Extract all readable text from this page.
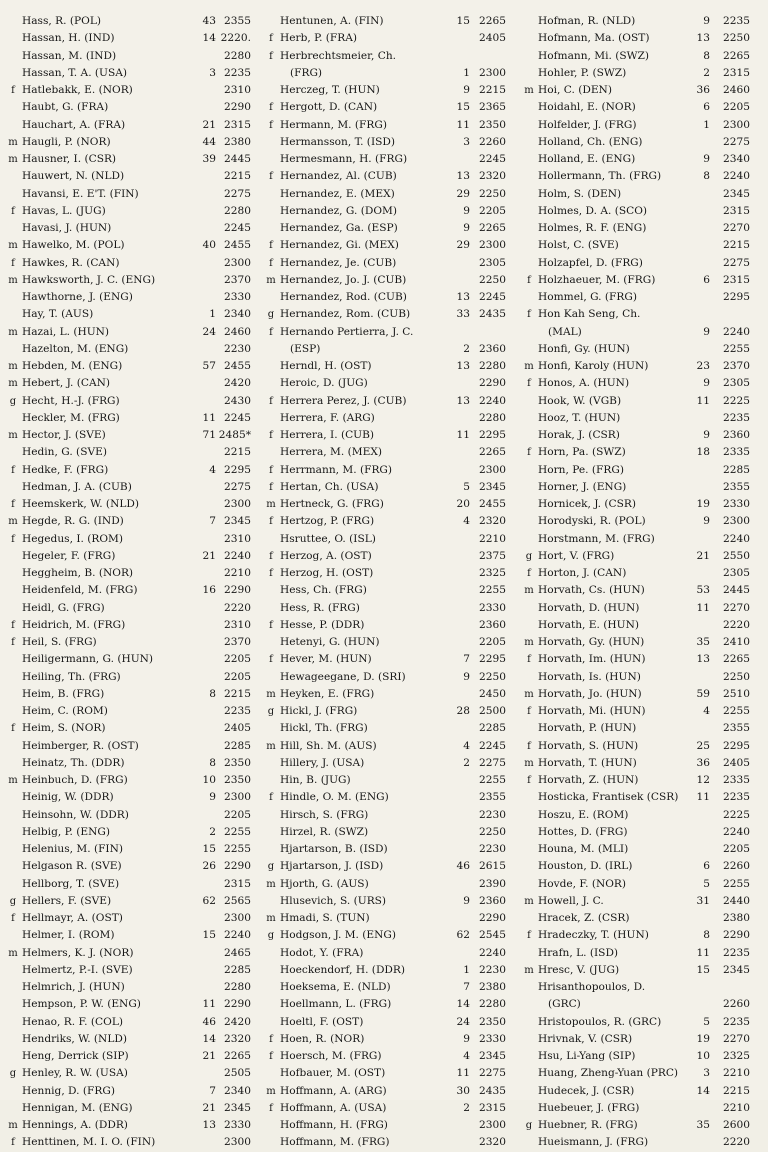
Hass, R. (POL)	43 2355
Hassan, H. (IND)	14 2220.
Hassan, M. (IND)	2280
Hassan, T. A. (USA)	3 2235
f Hatlebakk, E. (NOR)	2310
Haubt, G. (FRA)	2290
Hauchart, A. (FRA)	21 2315
m Haugli, P. (NOR)	44 2380
m Hausner, I. (CSR)	39 2445
Hauwert, N. (NLD)	2215
Havansi, E. E'T. (FIN)	2275
f Havas, L. (JUG)	2280
Havasi, J. (HUN)	2245
m Hawelko, M. (POL)	40 2455
f Hawkes, R. (CAN)	2300
m Hawksworth, J. C. (ENG)	2370
Hawthorne, J. (ENG)	2330
Hay, T. (AUS)	1 2340
m Hazai, L. (HUN)	24 2460
Hazelton, M. (ENG)	2230
m Hebden, M. (ENG)	57 2455
m Hebert, J. (CAN)	2420
g Hecht, H.-J. (FRG)	2430
Heckler, M. (FRG)	11 2245
m Hector, J. (SVE)	71 2485*
Hedin, G. (SVE)	2215
f Hedke, F. (FRG)	4 2295
Hedman, J. A. (CUB)	2275
f Heemskerk, W. (NLD)	2300
m Hegde, R. G. (IND)	7 2345
f Hegedus, I. (ROM)	2310
Hegeler, F. (FRG)	21 2240
Heggheim, B. (NOR)	2210
Heidenfeld, M. (FRG)	16 2290
Heidl, G. (FRG)	2220
f Heidrich, M. (FRG)	2310
f Heil, S. (FRG)	2370
Heiligermann, G. (HUN)	2205
Heiling, Th. (FRG)	2205
Heim, B. (FRG)	8 2215
Heim, C. (ROM)	2235
f Heim, S. (NOR)	2405
Heimberger, R. (OST)	2285
Heinatz, Th. (DDR)	8 2350
m Heinbuch, D. (FRG)	10 2350
Heinig, W. (DDR)	9 2300
Heinsohn, W. (DDR)	2205
Helbig, P. (ENG)	2 2255
Helenius, M. (FIN)	15 2255
Helgason R. (SVE)	26 2290
Hellborg, T. (SVE)	2315
g Hellers, F. (SVE)	62 2565
f Hellmayr, A. (OST)	2300
Helmer, I. (ROM)	15 2240
m Helmers, K. J. (NOR)	2465
Helmertz, P.-I. (SVE)	2285
Helmrich, J. (HUN)	2280
Hempson, P. W. (ENG)	11 2290
Henao, R. F. (COL)	46 2420
Hendriks, W. (NLD)	14 2320
Heng, Derrick (SIP)	21 2265
g Henley, R. W. (USA)	2505
Hennig, D. (FRG)	7 2340
Hennigan, M. (ENG)	21 2345
m Hennings, A. (DDR)	13 2330
f Henttinen, M. I. O. (FIN)	2300
Hentunen, A. (FIN)	15 2265
f Herb, P. (FRA)	2405
f Herbrechtsmeier, Ch.
(FRG)	1 2300
Herczeg, T. (HUN)	9 2215
f Hergott, D. (CAN)	15 2365
f Hermann, M. (FRG)	11 2350
Hermansson, T. (ISD)	3 2260
Hermesmann, H. (FRG)	2245
f Hernandez, Al. (CUB)	13 2320
Hernandez, E. (MEX)	29 2250
Hernandez, G. (DOM)	9 2205
Hernandez, Ga. (ESP)	9 2265
f Hernandez, Gi. (MEX)	29 2300
f Hernandez, Je. (CUB)	2305
m Hernandez, Jo. J. (CUB)	2250
Hernandez, Rod. (CUB)	13 2245
g Hernandez, Rom. (CUB)	33 2435
f Hernando Pertierra, J. C.
(ESP)	2 2360
Herndl, H. (OST)	13 2280
Heroic, D. (JUG)	2290
f Herrera Perez, J. (CUB)	13 2240
Herrera, F. (ARG)	2280
f Herrera, I. (CUB)	11 2295
Herrera, M. (MEX)	2265
f Herrmann, M. (FRG)	2300
f Hertan, Ch. (USA)	5 2345
m Hertneck, G. (FRG)	20 2455
f Hertzog, P. (FRG)	4 2320
Hsruttee, O. (ISL)	2210
f Herzog, A. (OST)	2375
f Herzog, H. (OST)	2325
Hess, Ch. (FRG)	2255
Hess, R. (FRG)	2330
f Hesse, P. (DDR)	2360
Hetenyi, G. (HUN)	2205
f Hever, M. (HUN)	7 2295
Hewageegane, D. (SRI)	9 2250
m Heyken, E. (FRG)	2450
g Hickl, J. (FRG)	28 2500
Hickl, Th. (FRG)	2285
m Hill, Sh. M. (AUS)	4 2245
Hillery, J. (USA)	2 2275
Hin, B. (JUG)	2255
f Hindle, O. M. (ENG)	2355
Hirsch, S. (FRG)	2230
Hirzel, R. (SWZ)	2250
Hjartarson, B. (ISD)	2230
g Hjartarson, J. (ISD)	46 2615
m Hjorth, G. (AUS)	2390
Hlusevich, S. (URS)	9 2360
m Hmadi, S. (TUN)	2290
g Hodgson, J. M. (ENG)	62 2545
Hodot, Y. (FRA)	2240
Hoeckendorf, H. (DDR)	1 2230
Hoeksema, E. (NLD)	7 2380
Hoellmann, L. (FRG)	14 2280
Hoeltl, F. (OST)	24 2350
f Hoen, R. (NOR)	9 2330
f Hoersch, M. (FRG)	4 2345
Hofbauer, M. (OST)	11 2275
m Hoffmann, A. (ARG)	30 2435
f Hoffmann, A. (USA)	2 2315
Hoffmann, H. (FRG)	2300
Hoffmann, M. (FRG)	2320
Hofman, R. (NLD)	9	2235
Hofmann, Ma. (OST)	13	2250
Hofmann, Mi. (SWZ)	8	2265
Hohler, P. (SWZ)	2	2315
m Hoi, C. (DEN)	36	2460
Hoidahl, E. (NOR)	6	2205
Holfelder, J. (FRG)	1	2300
Holland, Ch. (ENG)	2275
Holland, E. (ENG)	9	2340
Hollermann, Th. (FRG)	8	2240
Holm, S. (DEN)	2345
Holmes, D. A. (SCO)	2315
Holmes, R. F. (ENG)	2270
Holst, C. (SVE)	2215
Holzapfel, D. (FRG)	2275
f Holzhaeuer, M. (FRG)	6	2315
Hommel, G. (FRG)	2295
f Hon Kah Seng, Ch.
(MAL)	9	2240
Honfi, Gy. (HUN)	2255
m Honfi, Karoly (HUN)	23	2370
f Honos, A. (HUN)	9	2305
Hook, W. (VGB)	11	2225
Hooz, T. (HUN)	2235
Horak, J. (CSR)	9	2360
f Horn, Pa. (SWZ)	18	2335
Horn, Pe. (FRG)	2285
Horner, J. (ENG)	2355
Hornicek, J. (CSR)	19	2330
Horodyski, R. (POL)	9	2300
Horstmann, M. (FRG)	2240
g Hort, V. (FRG)	21	2550
f Horton, J. (CAN)	2305
m Horvath, Cs. (HUN)	53	2445
Horvath, D. (HUN)	11	2270
Horvath, E. (HUN)	2220
m Horvath, Gy. (HUN)	35	2410
f Horvath, Im. (HUN)	13	2265
Horvath, Is. (HUN)	2250
m Horvath, Jo. (HUN)	59	2510
f Horvath, Mi. (HUN)	4	2255
Horvath, P. (HUN)	2355
f Horvath, S. (HUN)	25	2295
m Horvath, T. (HUN)	36	2405
f Horvath, Z. (HUN)	12	2335
Hosticka, Frantisek (CSR)	11	2235
Hoszu, E. (ROM)	2225
Hottes, D. (FRG)	2240
Houna, M. (MLI)	2205
Houston, D. (IRL)	6	2260
Hovde, F. (NOR)	5	2255
m Howell, J. C.	31	2440
Hracek, Z. (CSR)	2380
f Hradeczky, T. (HUN)	8	2290
Hrafn, L. (ISD)	11	2235
m Hresc, V. (JUG)	15	2345
Hrisanthopoulos, D.
(GRC)	2260
Hristopoulos, R. (GRC)	5	2235
Hrivnak, V. (CSR)	19	2270
Hsu, Li-Yang (SIP)	10	2325
Huang, Zheng-Yuan (PRC)	3	2210
Hudecek, J. (CSR)	14	2215
Huebeuer, J. (FRG)	2210
g Huebner, R. (FRG)	35	2600
Hueismann, J. (FRG)	2220
